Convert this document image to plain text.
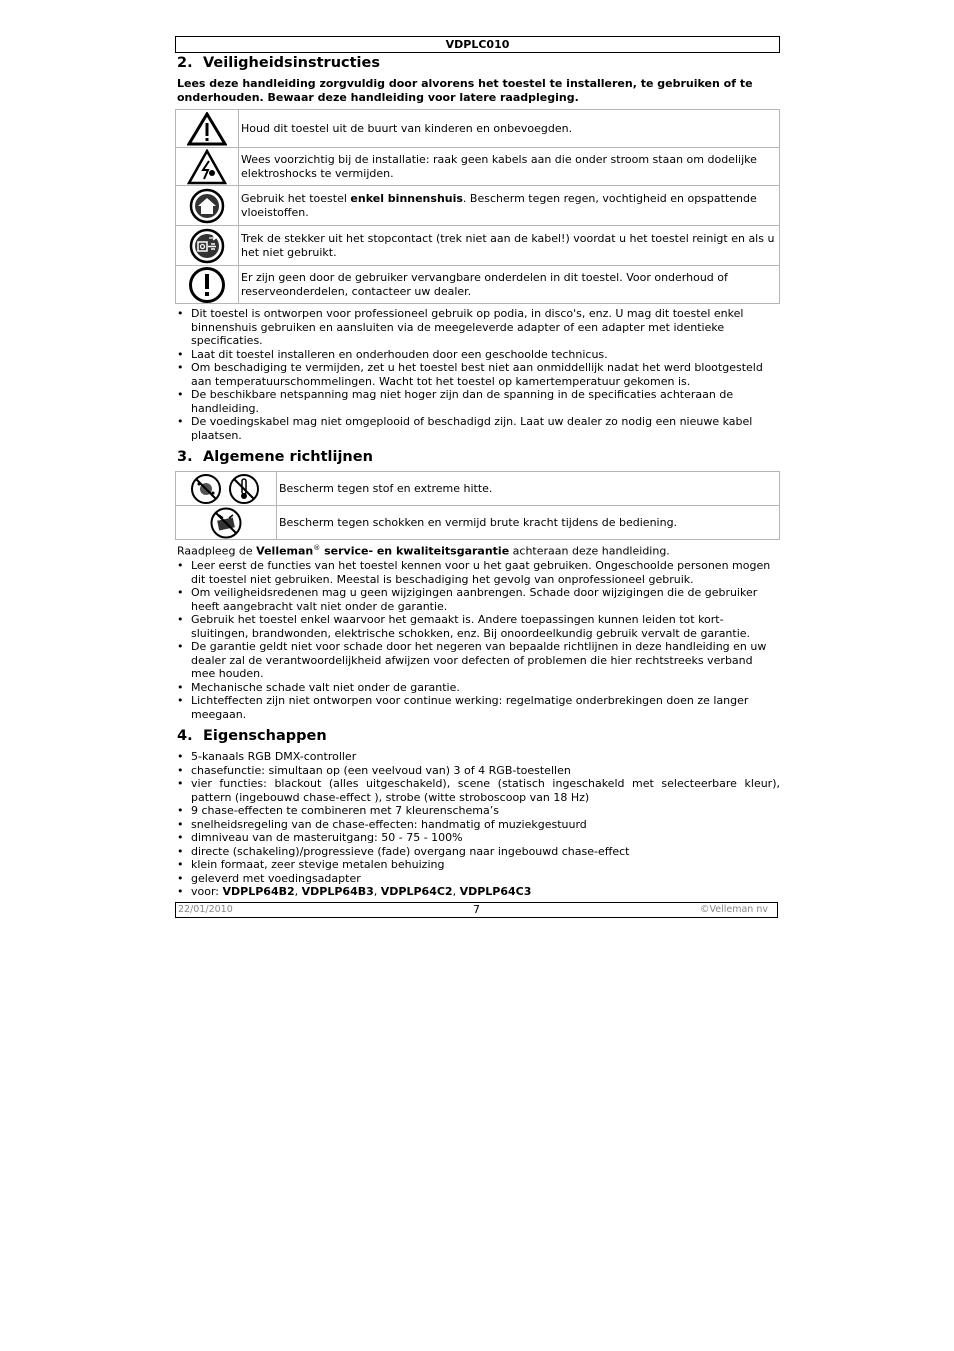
VDPLC010
2. Veiligheidsinstructies
Lees deze handleiding zorgvuldig door alvorens het toestel te installeren, te gebruiken of te onderhouden. Bewaar deze handleiding voor latere raadpleging.
	Houd dit toestel uit de buurt van kinderen en onbevoegden.

	Wees voorzichtig bij de installatie: raak geen kabels aan die onder stroom staan om dodelijke elektroshocks te vermijden.

	Gebruik het toestel enkel binnenshuis. Bescherm tegen regen, vochtigheid en opspattende vloeistoffen.

	Trek de stekker uit het stopcontact (trek niet aan de kabel!) voordat u het toestel reinigt en als u het niet gebruikt.

	Er zijn geen door de gebruiker vervangbare onderdelen in dit toestel. Voor onderhoud of reserveonderdelen, contacteer uw dealer.
• Dit toestel is ontworpen voor professioneel gebruik op podia, in disco's, enz. U mag dit toestel enkel binnenshuis gebruiken en aansluiten via de meegeleverde adapter of een adapter met identieke specificaties.
• Laat dit toestel installeren en onderhouden door een geschoolde technicus.
• Om beschadiging te vermijden, zet u het toestel best niet aan onmiddellijk nadat het werd blootgesteld aan temperatuurschommelingen. Wacht tot het toestel op kamertemperatuur gekomen is.
• De beschikbare netspanning mag niet hoger zijn dan de spanning in de specificaties achteraan de handleiding.
• De voedingskabel mag niet omgeplooid of beschadigd zijn. Laat uw dealer zo nodig een nieuwe kabel plaatsen.
3. Algemene richtlijnen
	Bescherm tegen stof en extreme hitte.

	Bescherm tegen schokken en vermijd brute kracht tijdens de bediening.

Raadpleeg de Velleman® service- en kwaliteitsgarantie achteraan deze handleiding.

• Leer eerst de functies van het toestel kennen voor u het gaat gebruiken. Ongeschoolde personen mogen dit toestel niet gebruiken. Meestal is beschadiging het gevolg van onprofessioneel gebruik.
• Om veiligheidsredenen mag u geen wijzigingen aanbrengen. Schade door wijzigingen die de gebruiker heeft aangebracht valt niet onder de garantie.
• Gebruik het toestel enkel waarvoor het gemaakt is. Andere toepassingen kunnen leiden tot kort-sluitingen, brandwonden, elektrische schokken, enz. Bij onoordeelkundig gebruik vervalt de garantie.
• De garantie geldt niet voor schade door het negeren van bepaalde richtlijnen in deze handleiding en uw dealer zal de verantwoordelijkheid afwijzen voor defecten of problemen die hier rechtstreeks verband mee houden.
• Mechanische schade valt niet onder de garantie.
• Lichteffecten zijn niet ontworpen voor continue werking: regelmatige onderbrekingen doen ze langer meegaan.
4. Eigenschappen
• 5-kanaals RGB DMX-controller
• chasefunctie: simultaan op (een veelvoud van) 3 of 4 RGB-toestellen
• vier functies: blackout (alles uitgeschakeld), scene (statisch ingeschakeld met selecteerbare kleur), pattern (ingebouwd chase-effect ), strobe (witte stroboscoop van 18 Hz)
• 9 chase-effecten te combineren met 7 kleurenschema’s
• snelheidsregeling van de chase-effecten: handmatig of muziekgestuurd
• dimniveau van de masteruitgang: 50 - 75 - 100%
• directe (schakeling)/progressieve (fade) overgang naar ingebouwd chase-effect
• klein formaat, zeer stevige metalen behuizing
• geleverd met voedingsadapter
• voor: VDPLP64B2, VDPLP64B3, VDPLP64C2, VDPLP64C3
22/01/2010	7	©Velleman nv
